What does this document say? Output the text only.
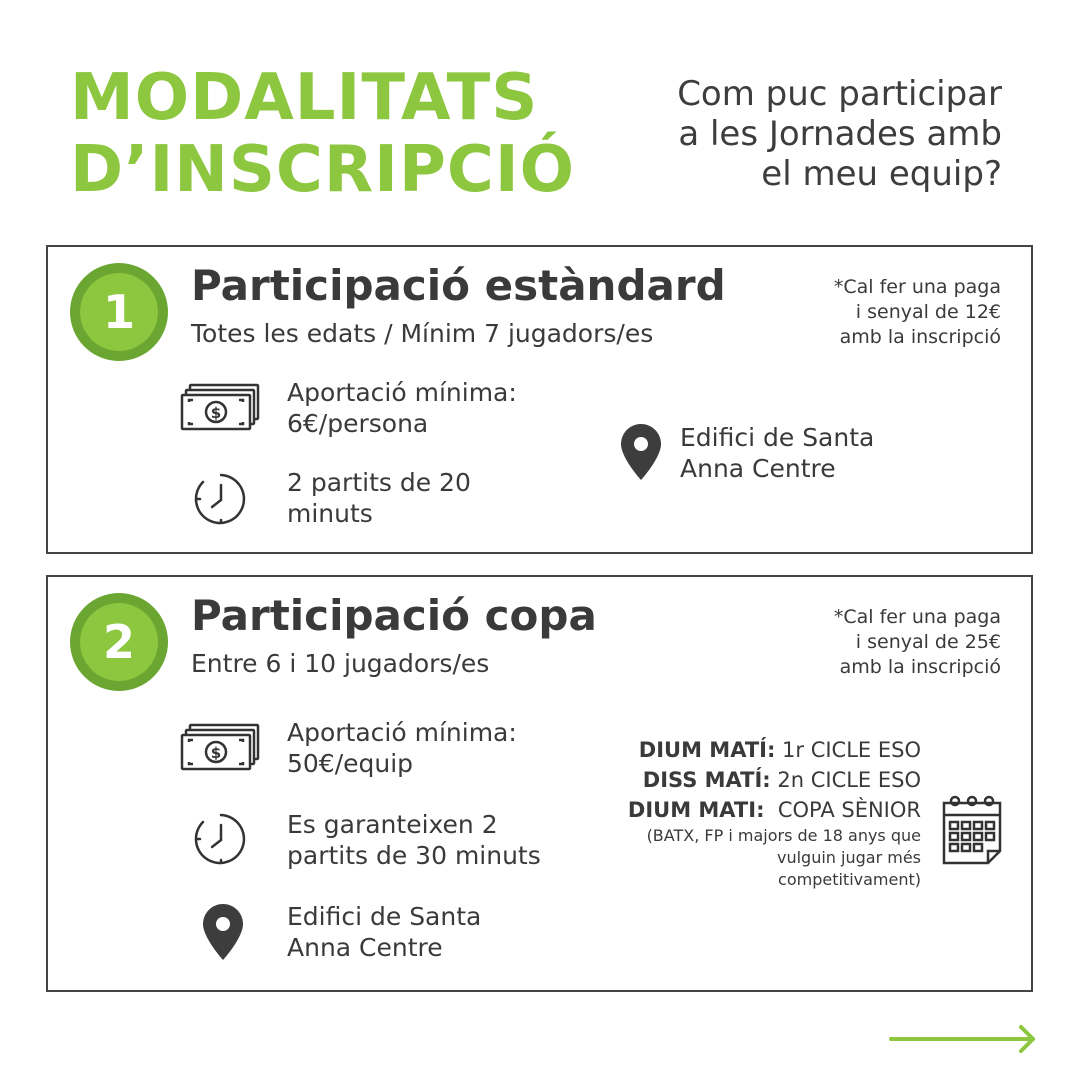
MODALITATS
D’INSCRIPCIÓ
Com puc participar
a les Jornades amb
el meu equip?
1	Participació estàndard
Totes les edats / Mínim 7 jugadors/es
*Cal fer una paga
i senyal de 12€
amb la inscripció
$
Aportació mínima:
6€/persona
2 partits de 20
minuts
Edifici de Santa
Anna Centre
2	Participació copa
Entre 6 i 10 jugadors/es
*Cal fer una paga
i senyal de 25€
amb la inscripció
$
Aportació mínima:
50€/equip
Es garanteixen 2
partits de 30 minuts
Edifici de Santa
Anna Centre
DIUM MATÍ: 1r CICLE ESO
DISS MATÍ: 2n CICLE ESO
DIUM MATI:  COPA SÈNIOR
(BATX, FP i majors de 18 anys que
vulguin jugar més
competitivament)
